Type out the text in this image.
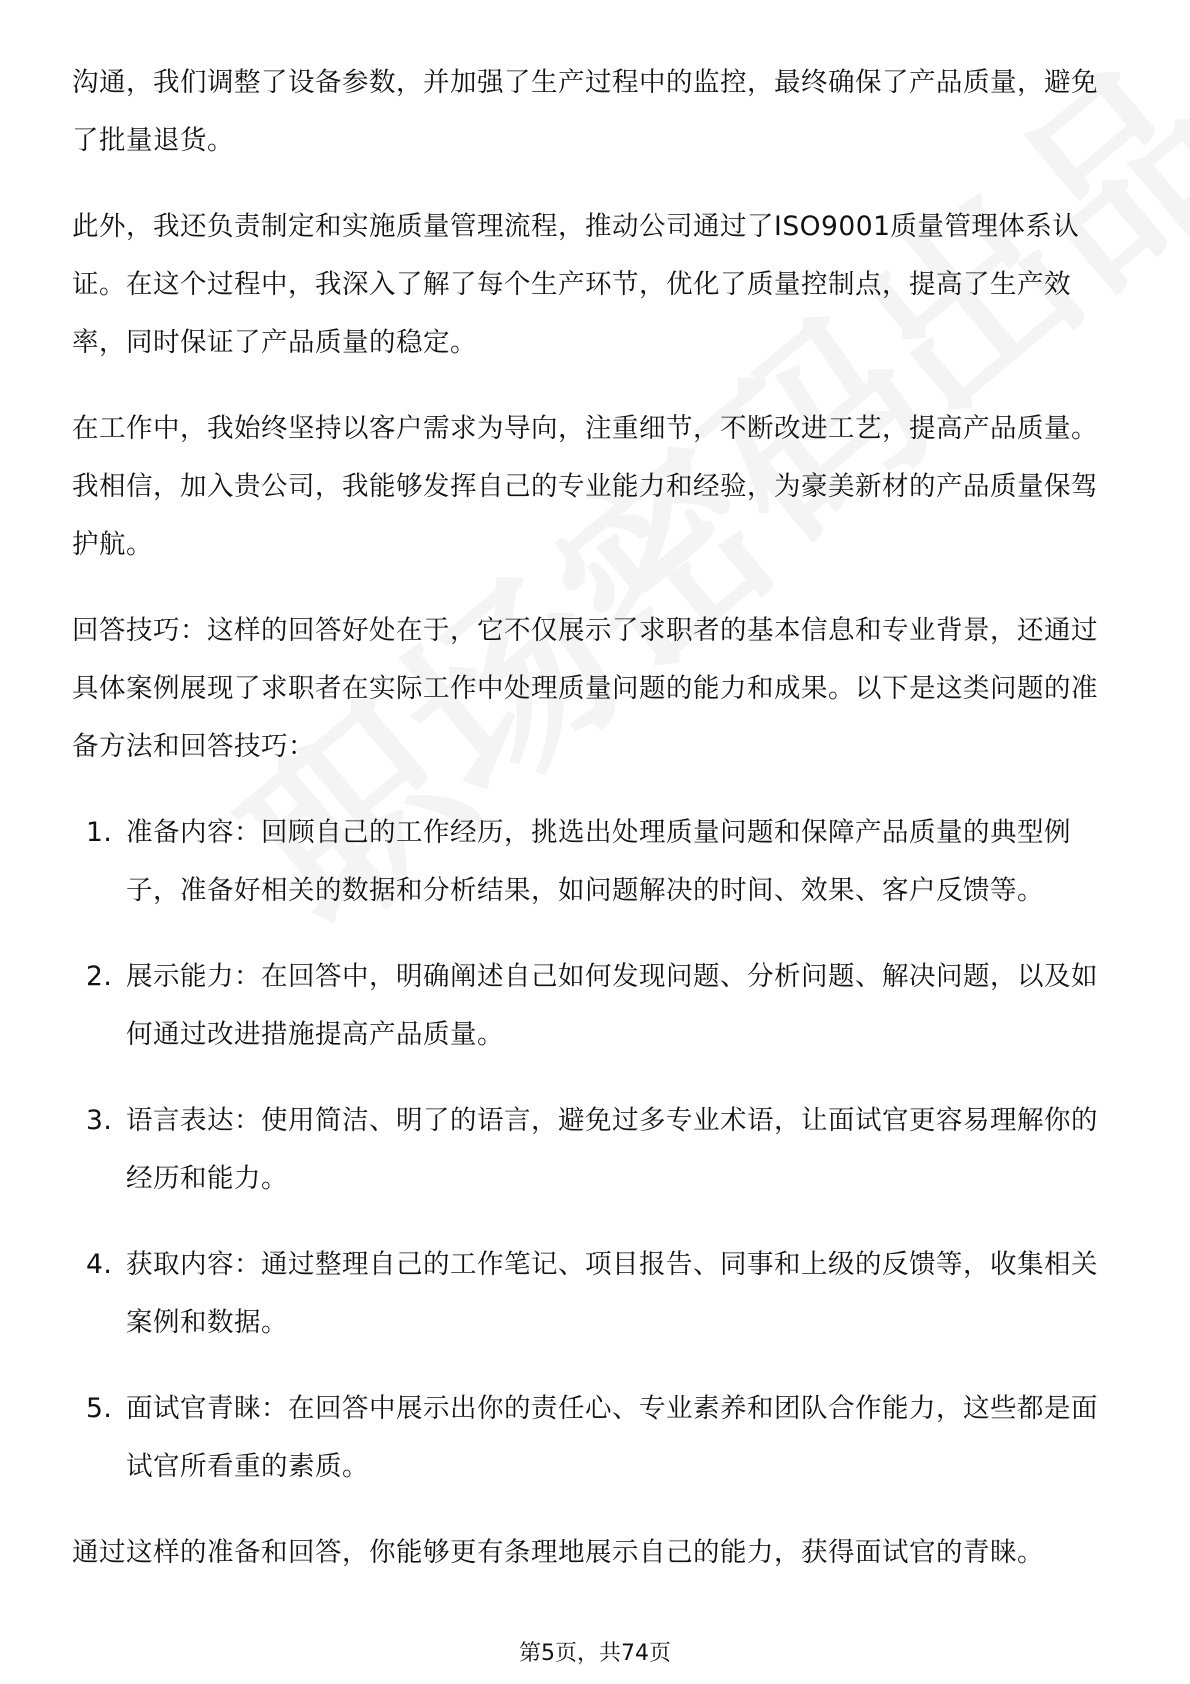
沟通，我们调整了设备参数，并加强了生产过程中的监控，最终确保了产品质量，避免了批量退货。

此外，我还负责制定和实施质量管理流程，推动公司通过了ISO9001质量管理体系认证。在这个过程中，我深入了解了每个生产环节，优化了质量控制点，提高了生产效率，同时保证了产品质量的稳定。

在工作中，我始终坚持以客户需求为导向，注重细节，不断改进工艺，提高产品质量。我相信，加入贵公司，我能够发挥自己的专业能力和经验，为豪美新材的产品质量保驾护航。

回答技巧：这样的回答好处在于，它不仅展示了求职者的基本信息和专业背景，还通过具体案例展现了求职者在实际工作中处理质量问题的能力和成果。以下是这类问题的准备方法和回答技巧：

1. 准备内容：回顾自己的工作经历，挑选出处理质量问题和保障产品质量的典型例子，准备好相关的数据和分析结果，如问题解决的时间、效果、客户反馈等。
2. 展示能力：在回答中，明确阐述自己如何发现问题、分析问题、解决问题，以及如何通过改进措施提高产品质量。
3. 语言表达：使用简洁、明了的语言，避免过多专业术语，让面试官更容易理解你的经历和能力。
4. 获取内容：通过整理自己的工作笔记、项目报告、同事和上级的反馈等，收集相关案例和数据。
5. 面试官青睐：在回答中展示出你的责任心、专业素养和团队合作能力，这些都是面试官所看重的素质。

通过这样的准备和回答，你能够更有条理地展示自己的能力，获得面试官的青睐。

第5页，共74页
